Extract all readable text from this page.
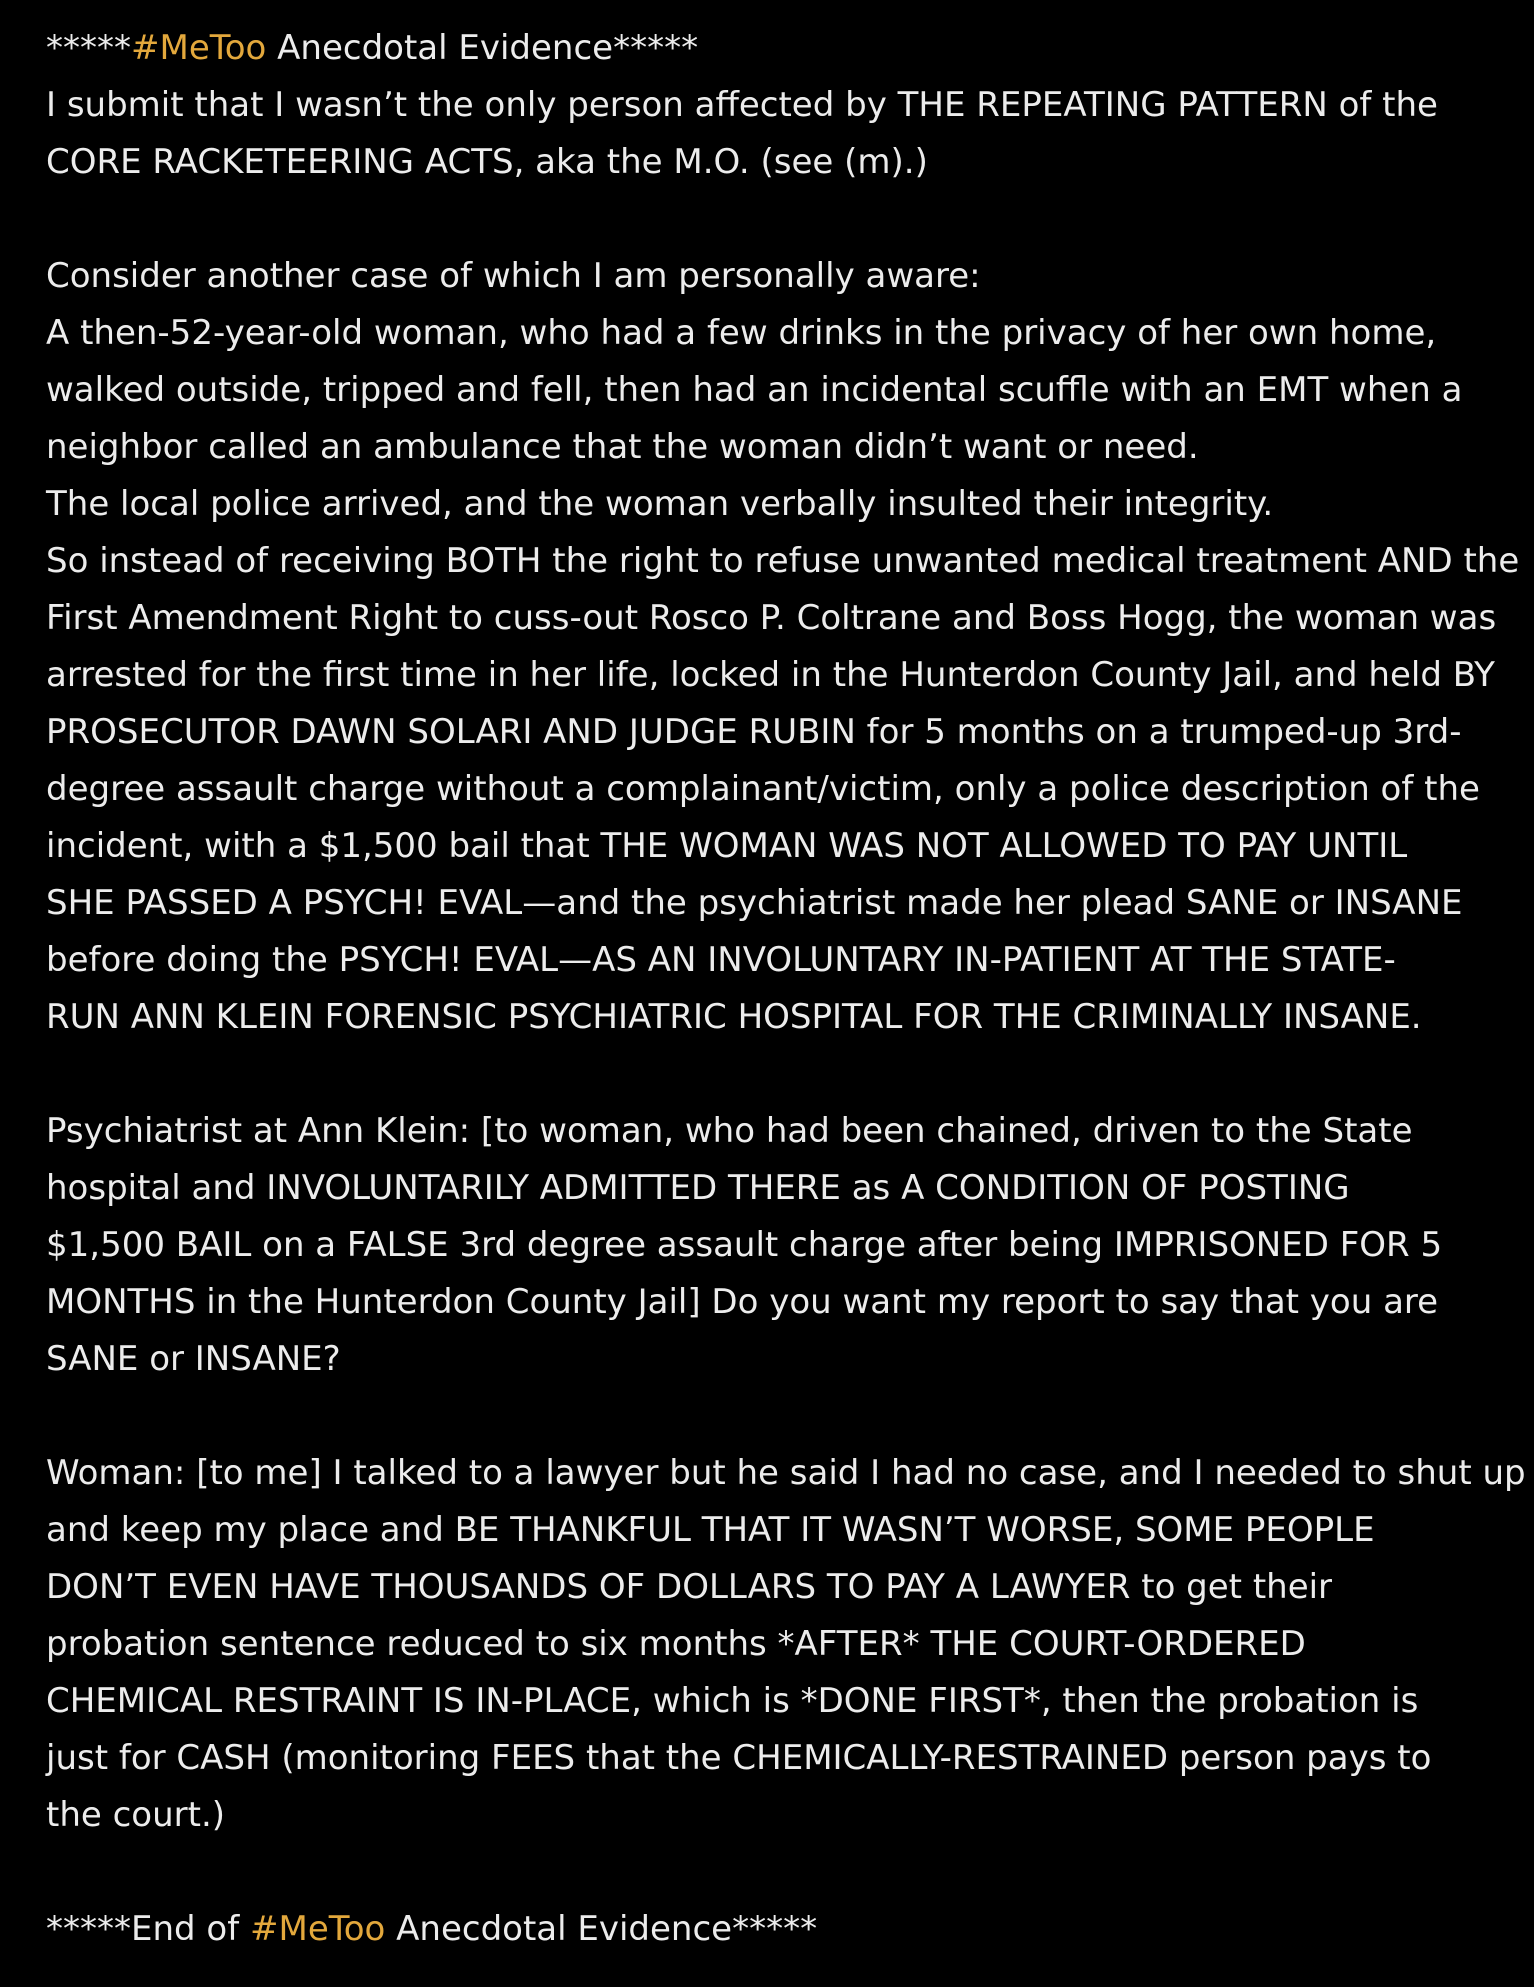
*****#MeToo Anecdotal Evidence*****
I submit that I wasn’t the only person affected by THE REPEATING PATTERN of the
CORE RACKETEERING ACTS, aka the M.O. (see (m).)
Consider another case of which I am personally aware:
A then-52-year-old woman, who had a few drinks in the privacy of her own home,
walked outside, tripped and fell, then had an incidental scuffle with an EMT when a
neighbor called an ambulance that the woman didn’t want or need.
The local police arrived, and the woman verbally insulted their integrity.
So instead of receiving BOTH the right to refuse unwanted medical treatment AND the
First Amendment Right to cuss-out Rosco P. Coltrane and Boss Hogg, the woman was
arrested for the first time in her life, locked in the Hunterdon County Jail, and held BY
PROSECUTOR DAWN SOLARI AND JUDGE RUBIN for 5 months on a trumped-up 3rd-
degree assault charge without a complainant/victim, only a police description of the
incident, with a $1,500 bail that THE WOMAN WAS NOT ALLOWED TO PAY UNTIL
SHE PASSED A PSYCH! EVAL—and the psychiatrist made her plead SANE or INSANE
before doing the PSYCH! EVAL—AS AN INVOLUNTARY IN-PATIENT AT THE STATE-
RUN ANN KLEIN FORENSIC PSYCHIATRIC HOSPITAL FOR THE CRIMINALLY INSANE.
Psychiatrist at Ann Klein: [to woman, who had been chained, driven to the State
hospital and INVOLUNTARILY ADMITTED THERE as A CONDITION OF POSTING
$1,500 BAIL on a FALSE 3rd degree assault charge after being IMPRISONED FOR 5
MONTHS in the Hunterdon County Jail] Do you want my report to say that you are
SANE or INSANE?
Woman: [to me] I talked to a lawyer but he said I had no case, and I needed to shut up
and keep my place and BE THANKFUL THAT IT WASN’T WORSE, SOME PEOPLE
DON’T EVEN HAVE THOUSANDS OF DOLLARS TO PAY A LAWYER to get their
probation sentence reduced to six months *AFTER* THE COURT-ORDERED
CHEMICAL RESTRAINT IS IN-PLACE, which is *DONE FIRST*, then the probation is
just for CASH (monitoring FEES that the CHEMICALLY-RESTRAINED person pays to
the court.)
*****End of #MeToo Anecdotal Evidence*****
